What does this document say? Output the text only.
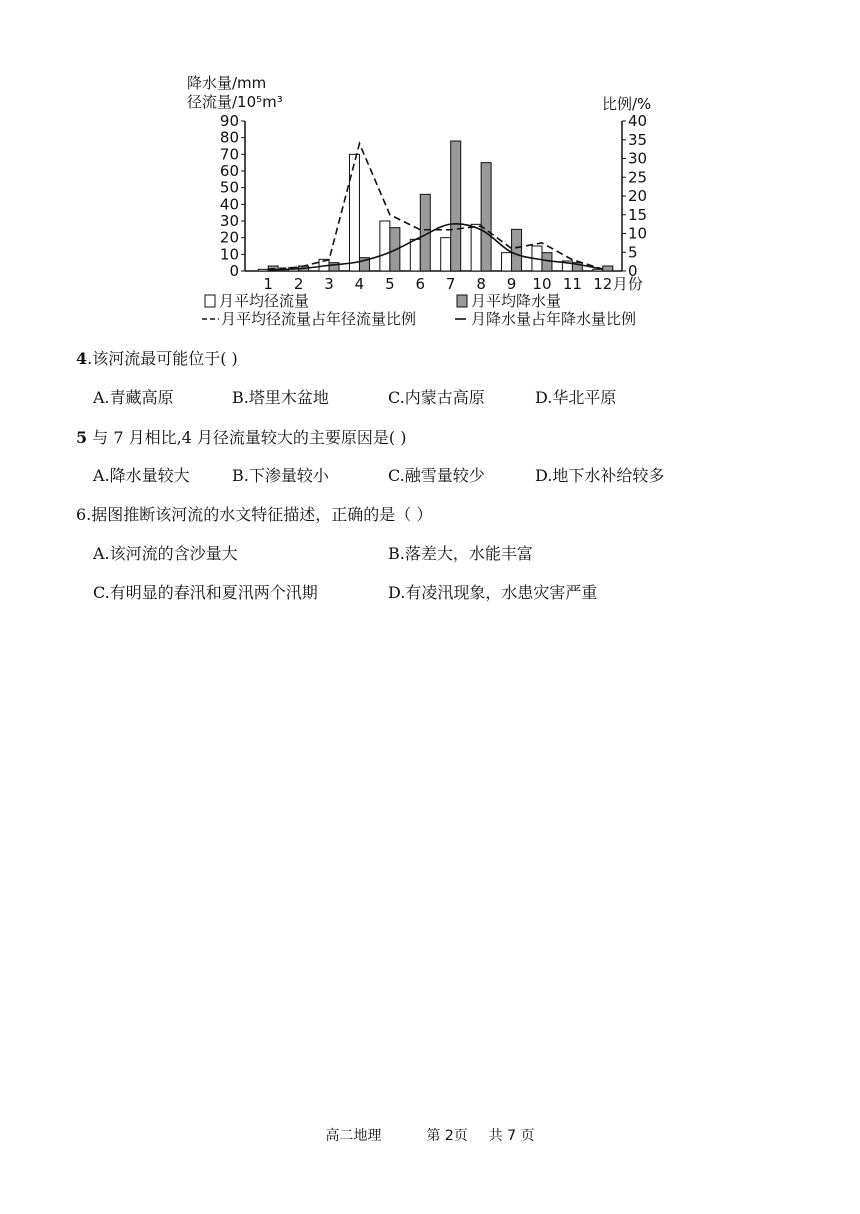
0
10
20
30
40
50
60
70
80
90
0
5
10
15
20
25
30
35
40
降水量/mm
径流量/10⁵m³	比例/%
1 2 3 4 5 6 7 8 9 10 11 12 月份
月平均径流量	月平均降水量
月平均径流量占年径流量比例	月降水量占年降水量比例
4.该河流最可能位于( )
A.青藏高原	B.塔里木盆地	C.内蒙古高原	D.华北平原
5 与 7 月相比,4 月径流量较大的主要原因是( )
A.降水量较大	B.下渗量较小	C.融雪量较少	D.地下水补给较多
6.据图推断该河流的水文特征描述，正确的是（ ）
A.该河流的含沙量大	B.落差大，水能丰富
C.有明显的春汛和夏汛两个汛期	D.有凌汛现象，水患灾害严重
高二地理	第 2页 共 7 页
